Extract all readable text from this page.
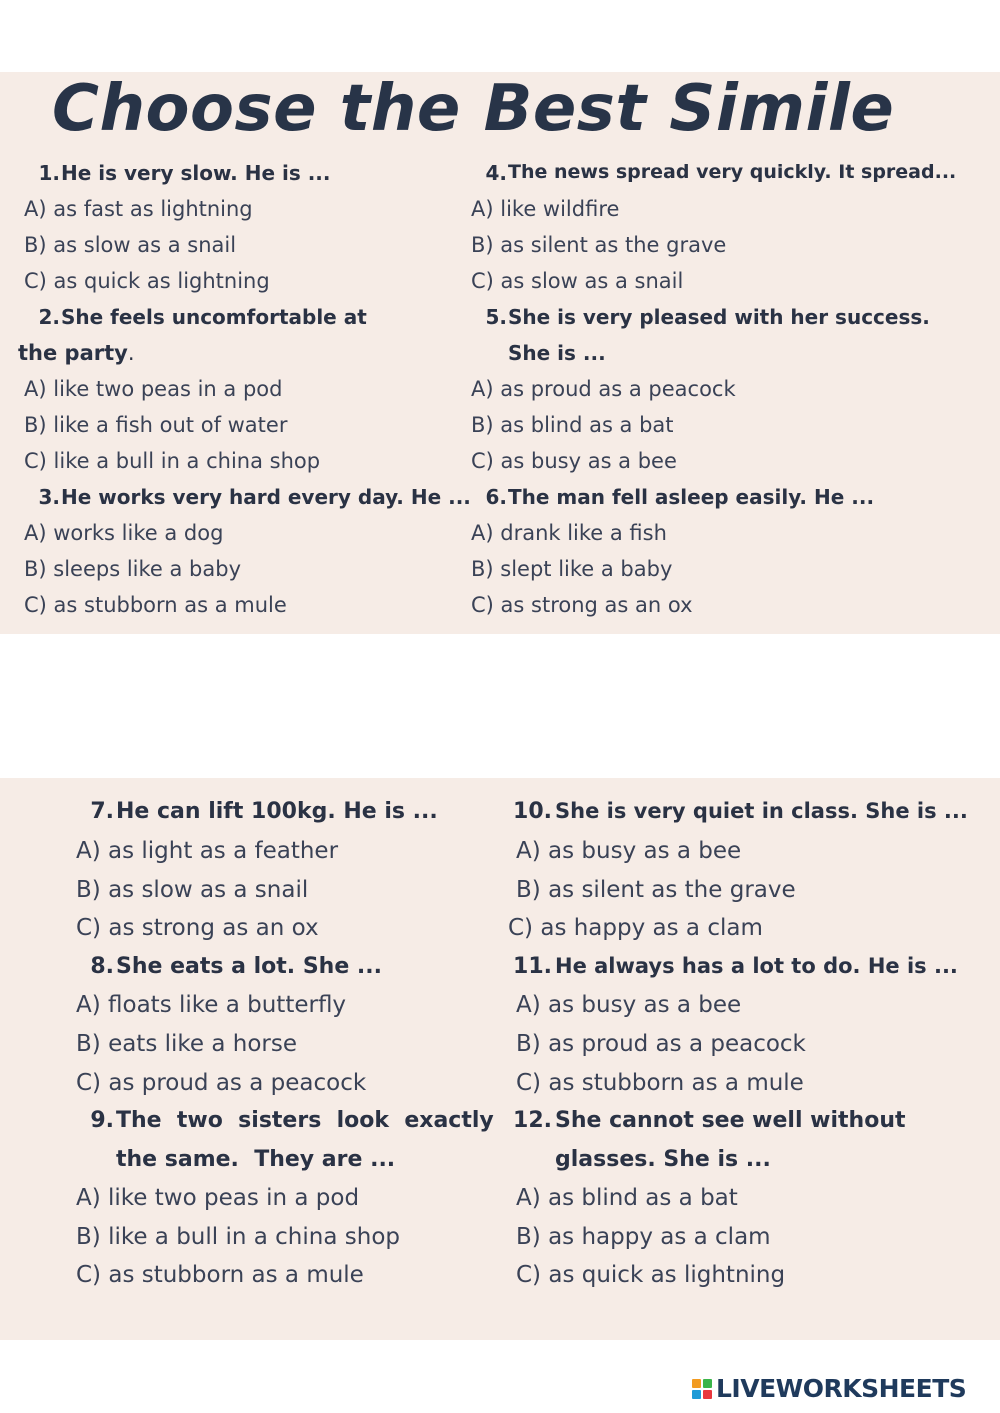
Choose the Best Simile
1. He is very slow. He is ...
A) as fast as lightning
B) as slow as a snail
C) as quick as lightning
2. She feels uncomfortable at
the party.
A) like two peas in a pod
B) like a fish out of water
C) like a bull in a china shop
3. He works very hard every day. He ...
A) works like a dog
B) sleeps like a baby
C) as stubborn as a mule
4. The news spread very quickly. It spread...
A) like wildfire
B) as silent as the grave
C) as slow as a snail
5. She is very pleased with her success.
She is ...
A) as proud as a peacock
B) as blind as a bat
C) as busy as a bee
6. The man fell asleep easily. He ...
A) drank like a fish
B) slept like a baby
C) as strong as an ox
7. He can lift 100kg. He is ...
A) as light as a feather
B) as slow as a snail
C) as strong as an ox
8. She eats a lot. She ...
A) floats like a butterfly
B) eats like a horse
C) as proud as a peacock
9. The  two  sisters  look  exactly
the same.  They are ...
A) like two peas in a pod
B) like a bull in a china shop
C) as stubborn as a mule
10. She is very quiet in class. She is ...
A) as busy as a bee
B) as silent as the grave
C) as happy as a clam
11. He always has a lot to do. He is ...
A) as busy as a bee
B) as proud as a peacock
C) as stubborn as a mule
12. She cannot see well without
glasses. She is ...
A) as blind as a bat
B) as happy as a clam
C) as quick as lightning
LIVEWORKSHEETS
